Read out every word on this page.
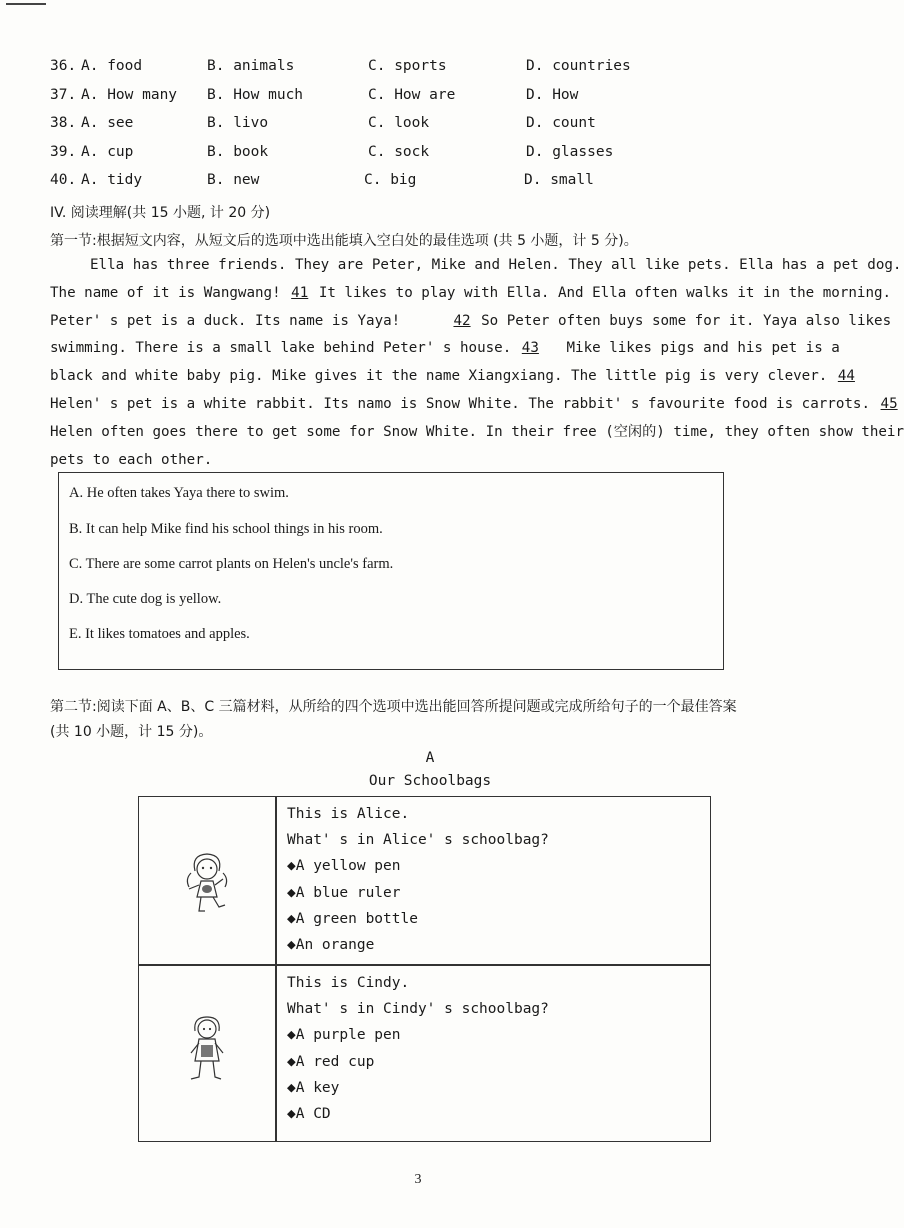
36. A. food	B. animals	C. sports	D. countries
37. A. How many B. How much	C. How are	D. How
38. A. see	B. livo	C. look	D. count
39. A. cup	B. book	C. sock	D. glasses
40. A. tidy	B. new	C. big	D. small
IV. 阅读理解(共 15 小题, 计 20 分)
第一节:根据短文内容，从短文后的选项中选出能填入空白处的最佳选项 (共 5 小题，计 5 分)。
Ella has three friends. They are Peter, Mike and Helen. They all like pets. Ella has a pet dog.
The name of it is Wangwang! 41 It likes to play with Ella. And Ella often walks it in the morning.
Peter' s pet is a duck. Its name is Yaya!	42 So Peter often buys some for it. Yaya also likes
swimming. There is a small lake behind Peter' s house. 43 Mike likes pigs and his pet is a
black and white baby pig. Mike gives it the name Xiangxiang. The little pig is very clever. 44
Helen' s pet is a white rabbit. Its namo is Snow White. The rabbit' s favourite food is carrots. 45
Helen often goes there to get some for Snow White. In their free (空闲的) time, they often show their
pets to each other.
A. He often takes Yaya there to swim.
B. It can help Mike find his school things in his room.
C. There are some carrot plants on Helen's uncle's farm.
D. The cute dog is yellow.
E. It likes tomatoes and apples.
第二节:阅读下面 A、B、C 三篇材料，从所给的四个选项中选出能回答所提问题或完成所给句子的一个最佳答案
(共 10 小题，计 15 分)。
A
Our Schoolbags
This is Alice.
What' s in Alice' s schoolbag?
◆A yellow pen
◆A blue ruler
◆A green bottle
◆An orange
This is Cindy.
What' s in Cindy' s schoolbag?
◆A purple pen
◆A red cup
◆A key
◆A CD
3
